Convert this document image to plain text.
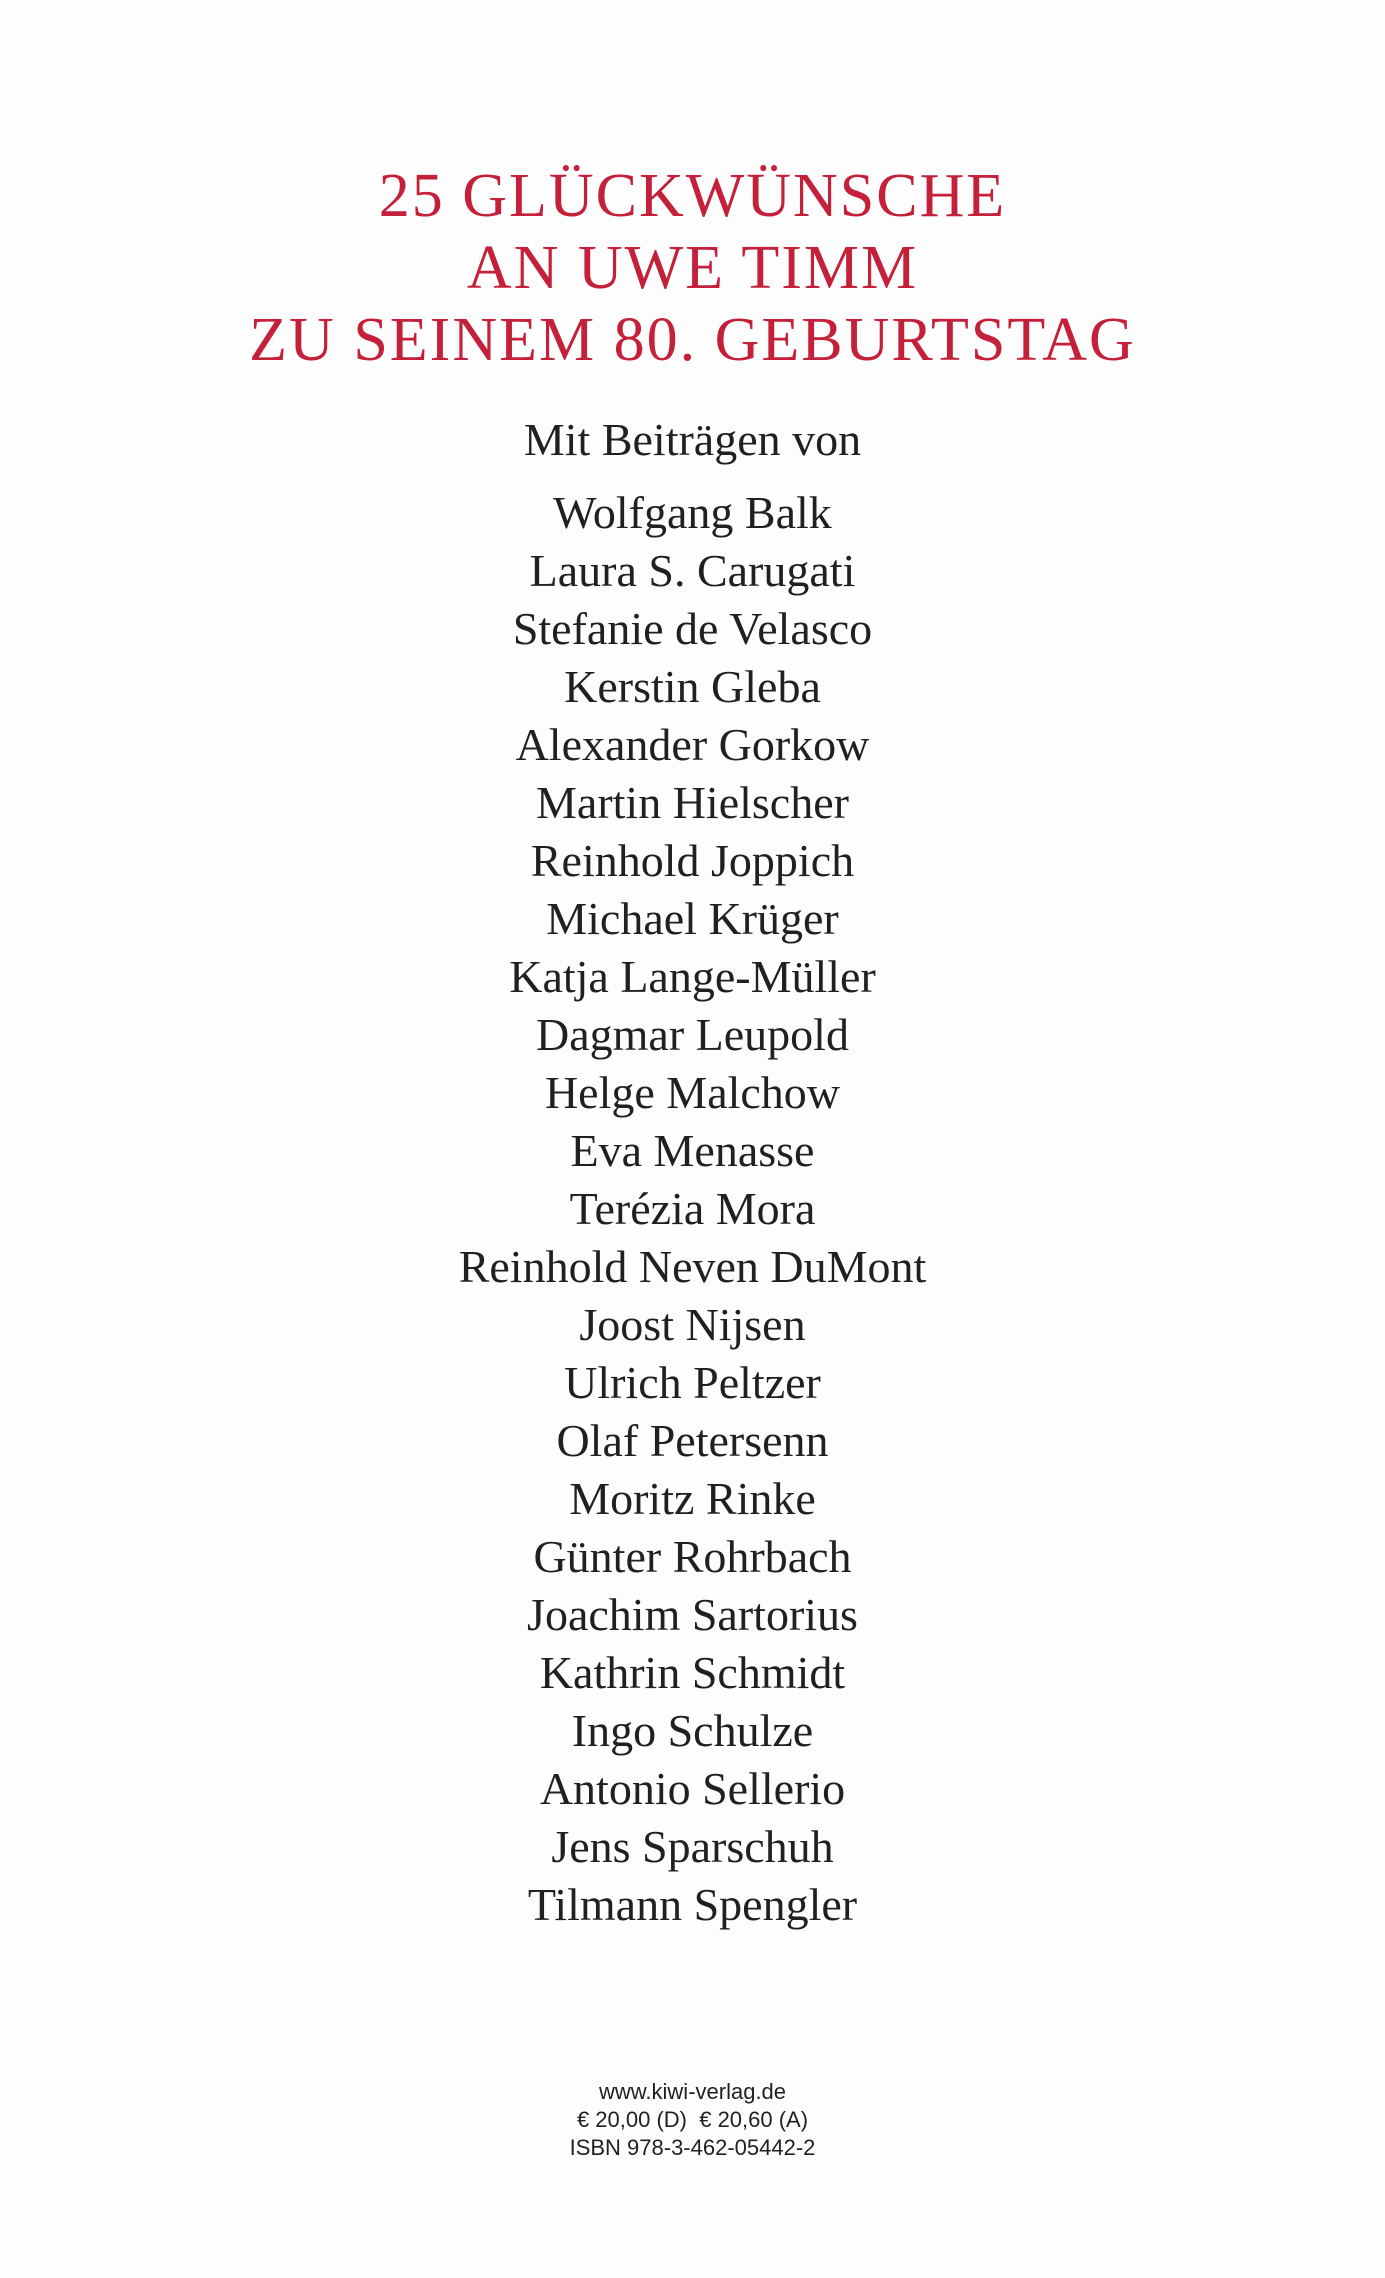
25 GLÜCKWÜNSCHE
AN UWE TIMM
ZU SEINEM 80. GEBURTSTAG
Mit Beiträgen von
Wolfgang Balk
Laura S. Carugati
Stefanie de Velasco
Kerstin Gleba
Alexander Gorkow
Martin Hielscher
Reinhold Joppich
Michael Krüger
Katja Lange-Müller
Dagmar Leupold
Helge Malchow
Eva Menasse
Terézia Mora
Reinhold Neven DuMont
Joost Nijsen
Ulrich Peltzer
Olaf Petersenn
Moritz Rinke
Günter Rohrbach
Joachim Sartorius
Kathrin Schmidt
Ingo Schulze
Antonio Sellerio
Jens Sparschuh
Tilmann Spengler
www.kiwi-verlag.de
€ 20,00 (D)  € 20,60 (A)
ISBN 978-3-462-05442-2
